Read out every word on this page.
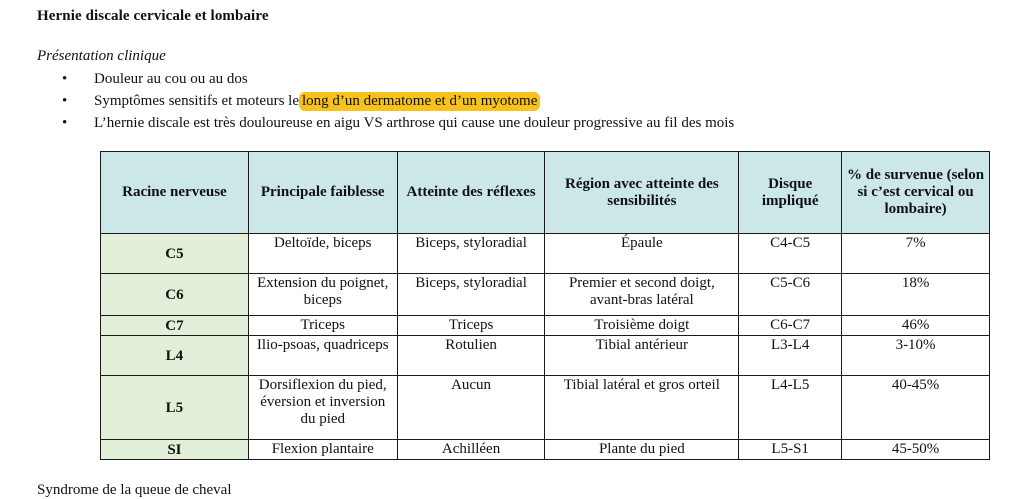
Hernie discale cervicale et lombaire
Présentation clinique
• Douleur au cou ou au dos
• Symptômes sensitifs et moteurs le long d’un dermatome et d’un myotome
• L’hernie discale est très douloureuse en aigu VS arthrose qui cause une douleur progressive au fil des mois
Racine nerveuse	Principale faiblesse	Atteinte des réflexes	Région avec atteinte des sensibilités	Disque impliqué	% de survenue (selon si c’est cervical ou lombaire)
C5	Deltoïde, biceps	Biceps, styloradial	Épaule	C4-C5	7%
C6	Extension du poignet, biceps	Biceps, styloradial	Premier et second doigt, avant-bras latéral	C5-C6	18%
C7	Triceps	Triceps	Troisième doigt	C6-C7	46%
L4	Ilio-psoas, quadriceps	Rotulien	Tibial antérieur	L3-L4	3-10%
L5	Dorsiflexion du pied, éversion et inversion du pied	Aucun	Tibial latéral et gros orteil	L4-L5	40-45%
SI	Flexion plantaire	Achilléen	Plante du pied	L5-S1	45-50%
Syndrome de la queue de cheval
